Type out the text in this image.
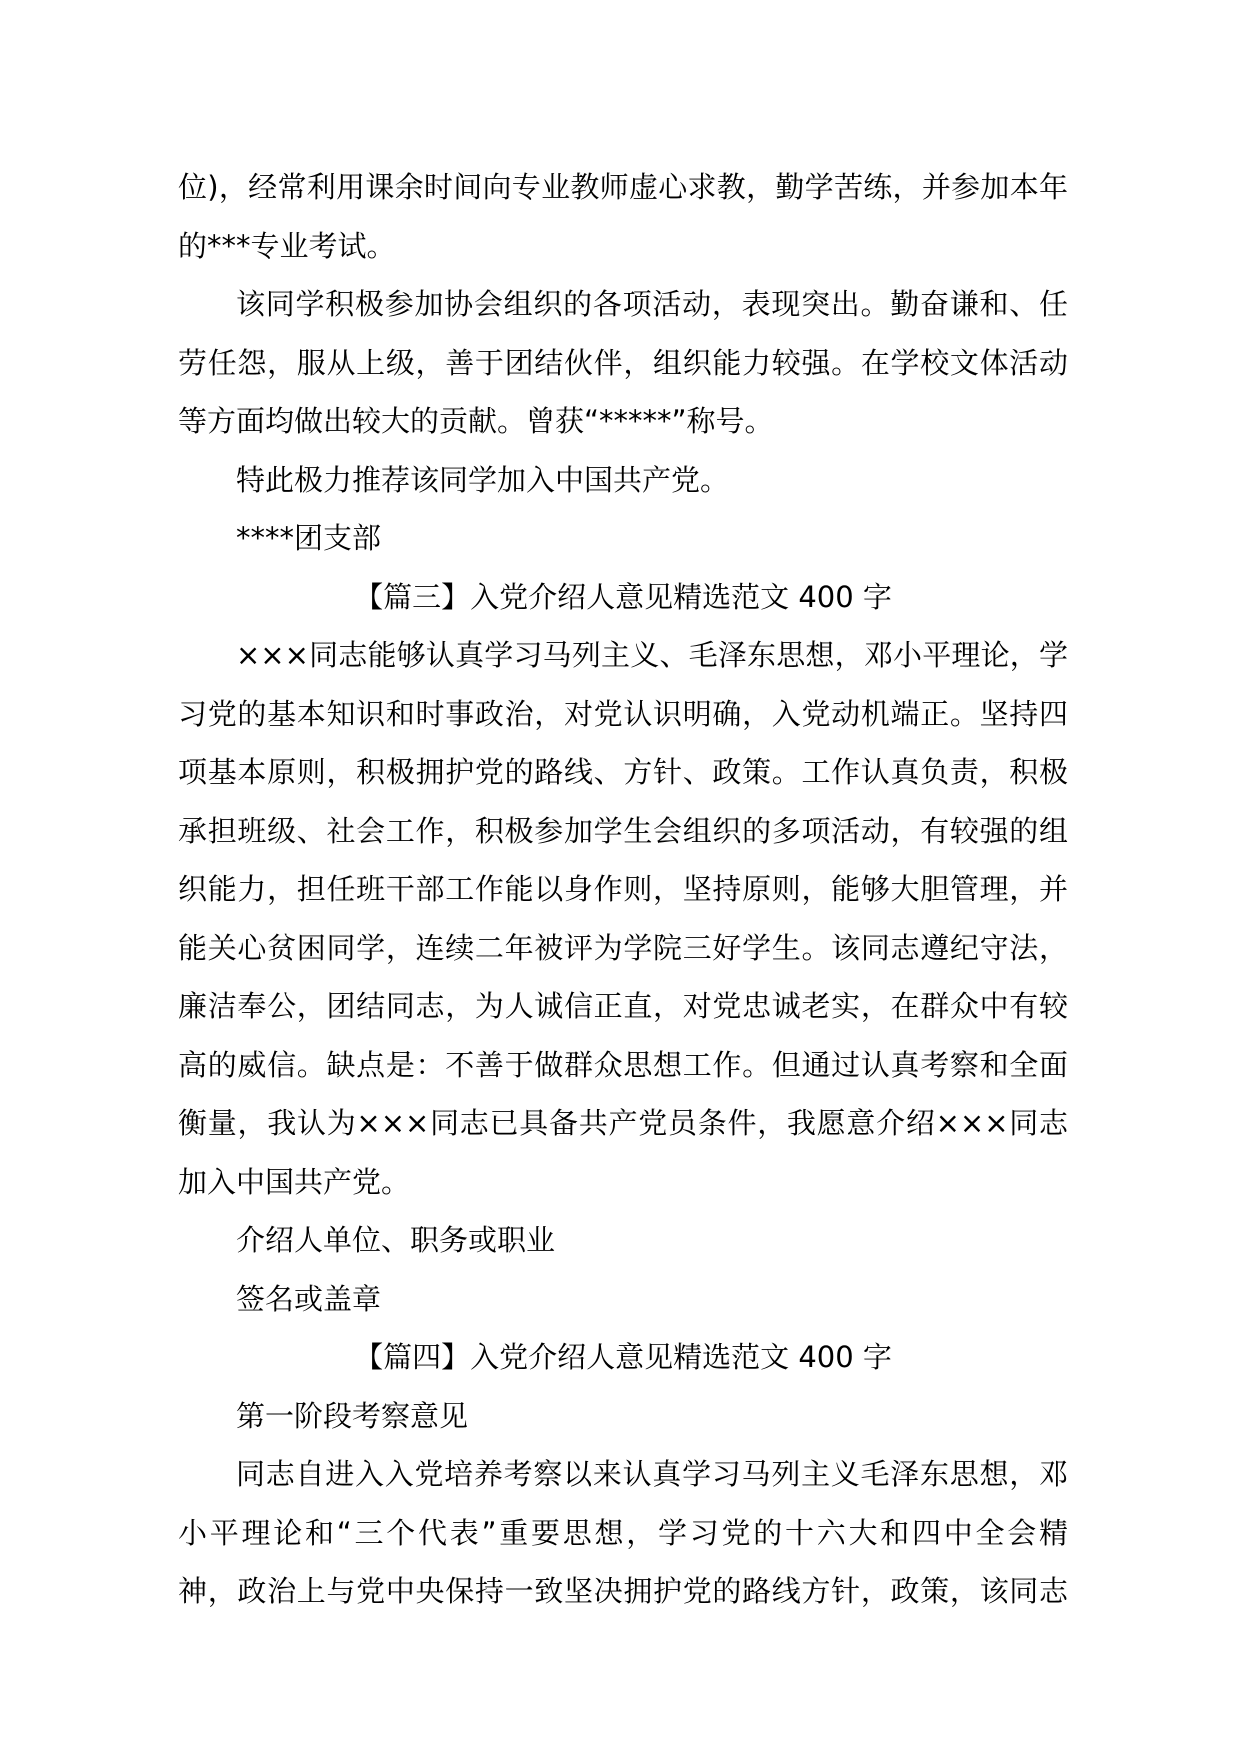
位)，经常利用课余时间向专业教师虚心求教，勤学苦练，并参加本年
的***专业考试。
该同学积极参加协会组织的各项活动，表现突出。勤奋谦和、任
劳任怨，服从上级，善于团结伙伴，组织能力较强。在学校文体活动
等方面均做出较大的贡献。曾获“*****”称号。
特此极力推荐该同学加入中国共产党。
****团支部
【篇三】入党介绍人意见精选范文 400 字
×××同志能够认真学习马列主义、毛泽东思想，邓小平理论，学
习党的基本知识和时事政治，对党认识明确，入党动机端正。坚持四
项基本原则，积极拥护党的路线、方针、政策。工作认真负责，积极
承担班级、社会工作，积极参加学生会组织的多项活动，有较强的组
织能力，担任班干部工作能以身作则，坚持原则，能够大胆管理，并
能关心贫困同学，连续二年被评为学院三好学生。该同志遵纪守法，
廉洁奉公，团结同志，为人诚信正直，对党忠诚老实，在群众中有较
高的威信。缺点是：不善于做群众思想工作。但通过认真考察和全面
衡量，我认为×××同志已具备共产党员条件，我愿意介绍×××同志
加入中国共产党。
介绍人单位、职务或职业
签名或盖章
【篇四】入党介绍人意见精选范文 400 字
第一阶段考察意见
同志自进入入党培养考察以来认真学习马列主义毛泽东思想，邓
小平理论和“三个代表”重要思想，学习党的十六大和四中全会精
神，政治上与党中央保持一致坚决拥护党的路线方针，政策，该同志
